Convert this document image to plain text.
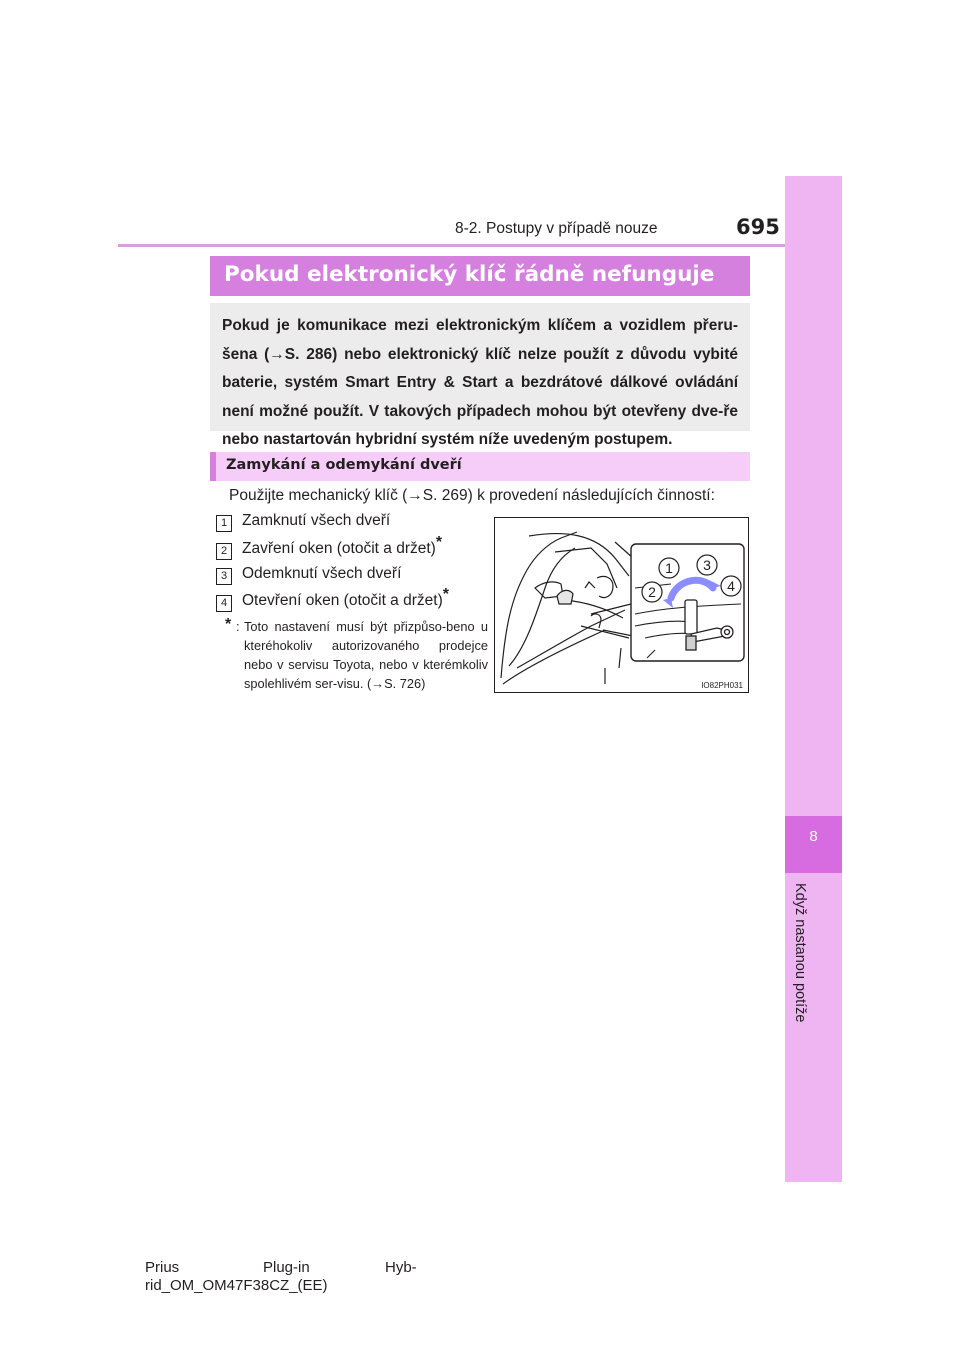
8
Když nastanou potíže
8-2. Postupy v případě nouze	695
Pokud elektronický klíč řádně nefunguje

Pokud je komunikace mezi elektronickým klíčem a vozidlem přeru-šena (→S. 286) nebo elektronický klíč nelze použít z důvodu vybité baterie, systém Smart Entry & Start a bezdrátové dálkové ovládání není možné použít. V takových případech mohou být otevřeny dve-ře nebo nastartován hybridní systém níže uvedeným postupem.

Zamykání a odemykání dveří
Použijte mechanický klíč (→S. 269) k provedení následujících činností:
1 Zamknutí všech dveří
2 Zavření oken (otočit a držet)*
3 Odemknutí všech dveří
4 Otevření oken (otočit a držet)*
* : Toto nastavení musí být přizpůso-beno u kteréhokoliv autorizovaného prodejce nebo v servisu Toyota, nebo v kterémkoliv spolehlivém ser-visu. (→S. 726)
1
2
3
4
IO82PH031
Prius	Plug-in	Hyb-
rid_OM_OM47F38CZ_(EE)
